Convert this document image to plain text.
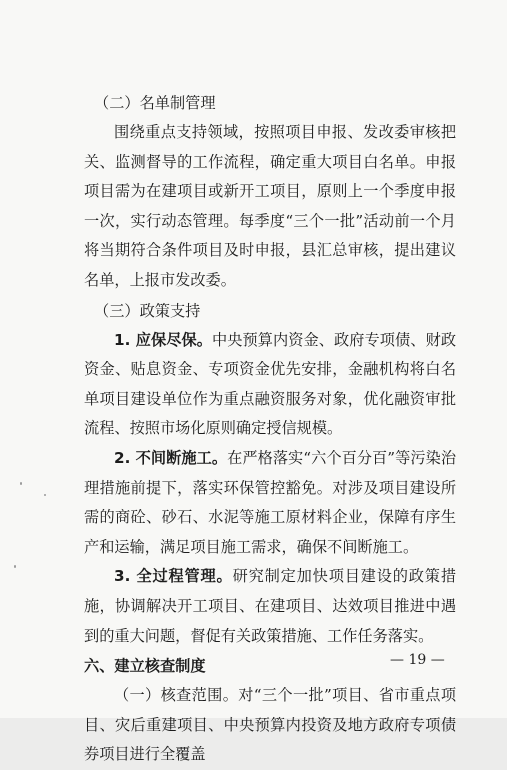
（二）名单制管理

围绕重点支持领域，按照项目申报、发改委审核把关、监测督导的工作流程，确定重大项目白名单。申报项目需为在建项目或新开工项目，原则上一个季度申报一次，实行动态管理。每季度“三个一批”活动前一个月将当期符合条件项目及时申报，县汇总审核，提出建议名单，上报市发改委。

（三）政策支持

1. 应保尽保。中央预算内资金、政府专项债、财政资金、贴息资金、专项资金优先安排，金融机构将白名单项目建设单位作为重点融资服务对象，优化融资审批流程、按照市场化原则确定授信规模。

2. 不间断施工。在严格落实“六个百分百”等污染治理措施前提下，落实环保管控豁免。对涉及项目建设所需的商砼、砂石、水泥等施工原材料企业，保障有序生产和运输，满足项目施工需求，确保不间断施工。

3. 全过程管理。研究制定加快项目建设的政策措施，协调解决开工项目、在建项目、达效项目推进中遇到的重大问题，督促有关政策措施、工作任务落实。

六、建立核查制度

（一）核查范围。对“三个一批”项目、省市重点项目、灾后重建项目、中央预算内投资及地方政府专项债券项目进行全覆盖

— 19 —
